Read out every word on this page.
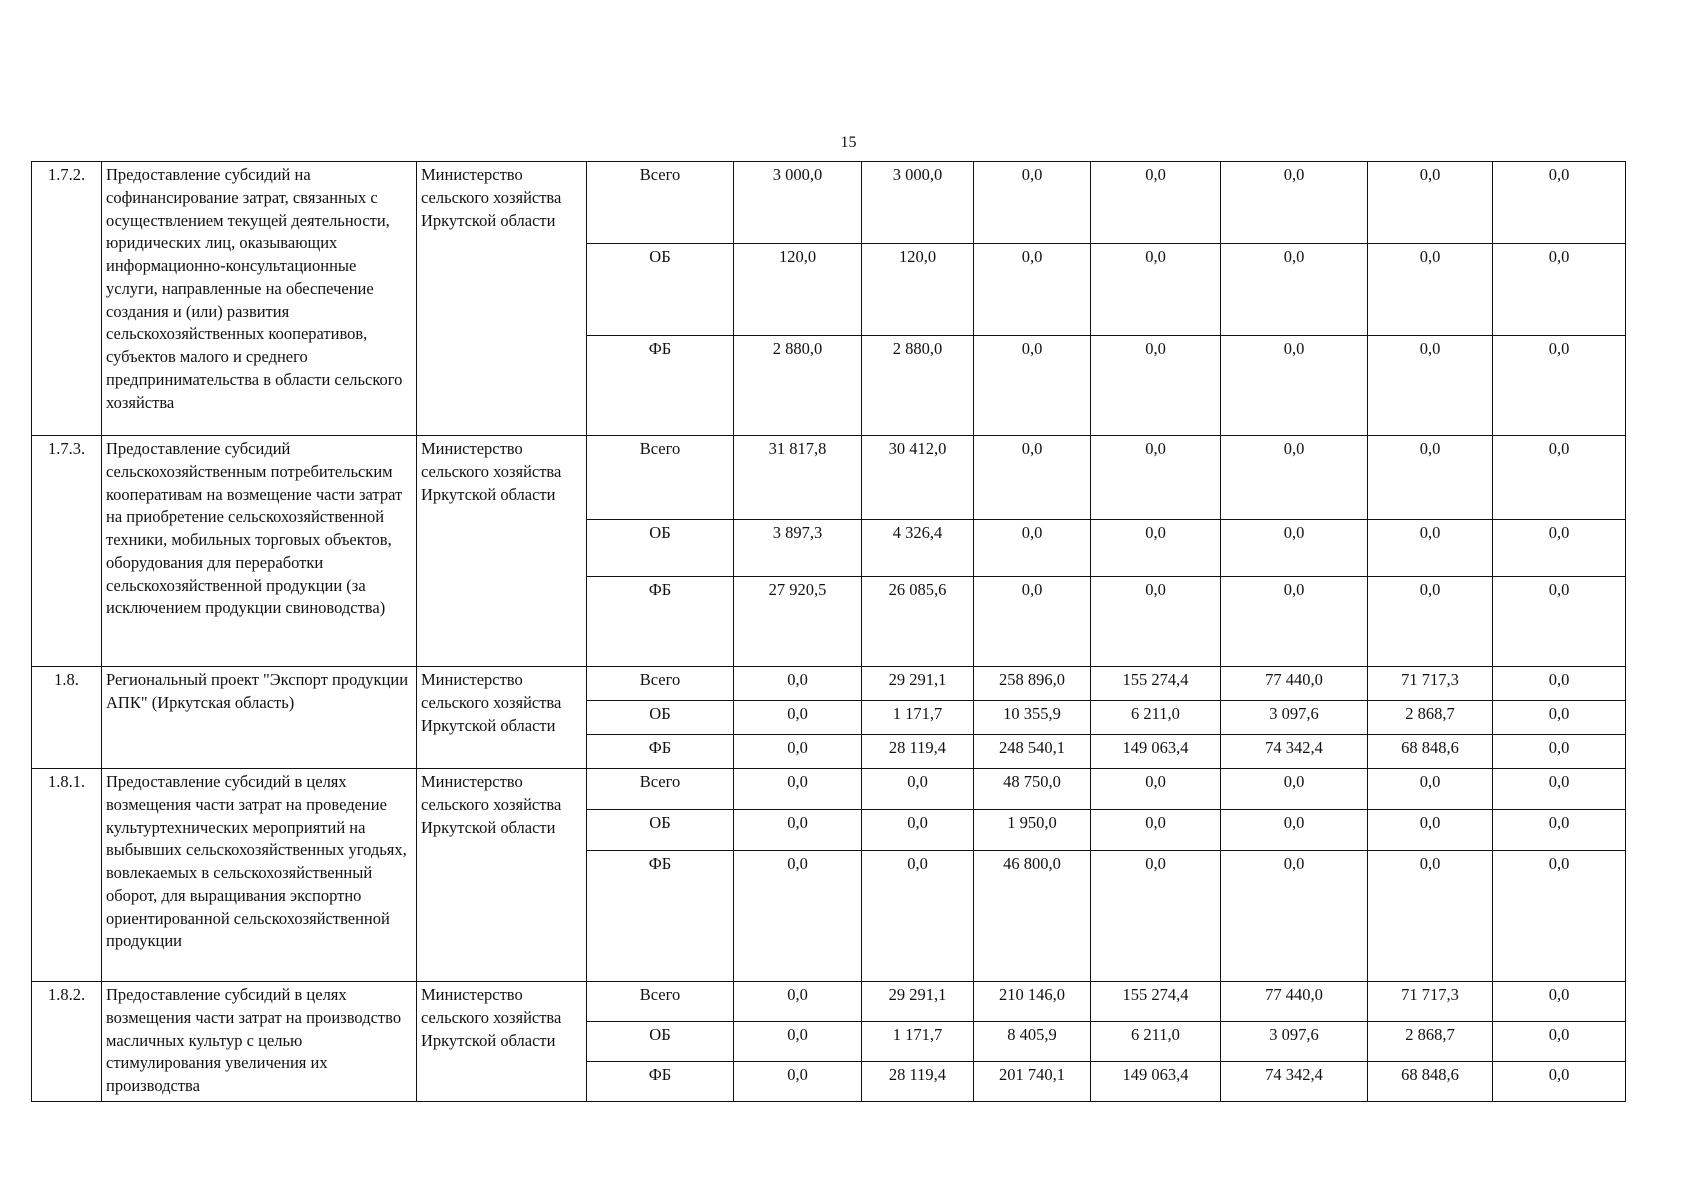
15
1.7.2.	Предоставление субсидий на софинансирование затрат, связанных с осуществлением текущей деятельности, юридических лиц, оказывающих информационно-консультационные услуги, направленные на обеспечение создания и (или) развития сельскохозяйственных кооперативов, субъектов малого и среднего предпринимательства в области сельского хозяйства	Министерство сельского хозяйства Иркутской области	Всего	3 000,0	3 000,0	0,0	0,0	0,0	0,0	0,0
			ОБ	120,0	120,0	0,0	0,0	0,0	0,0	0,0
			ФБ	2 880,0	2 880,0	0,0	0,0	0,0	0,0	0,0
1.7.3.	Предоставление субсидий сельскохозяйственным потребительским кооперативам на возмещение части затрат на приобретение сельскохозяйственной техники, мобильных торговых объектов, оборудования для переработки сельскохозяйственной продукции (за исключением продукции свиноводства)	Министерство сельского хозяйства Иркутской области	Всего	31 817,8	30 412,0	0,0	0,0	0,0	0,0	0,0
			ОБ	3 897,3	4 326,4	0,0	0,0	0,0	0,0	0,0
			ФБ	27 920,5	26 085,6	0,0	0,0	0,0	0,0	0,0
1.8.	Региональный проект "Экспорт продукции АПК" (Иркутская область)	Министерство сельского хозяйства Иркутской области	Всего	0,0	29 291,1	258 896,0	155 274,4	77 440,0	71 717,3	0,0
			ОБ	0,0	1 171,7	10 355,9	6 211,0	3 097,6	2 868,7	0,0
			ФБ	0,0	28 119,4	248 540,1	149 063,4	74 342,4	68 848,6	0,0
1.8.1.	Предоставление субсидий в целях возмещения части затрат на проведение культуртехнических мероприятий на выбывших сельскохозяйственных угодьях, вовлекаемых в сельскохозяйственный оборот, для выращивания экспортно ориентированной сельскохозяйственной продукции	Министерство сельского хозяйства Иркутской области	Всего	0,0	0,0	48 750,0	0,0	0,0	0,0	0,0
			ОБ	0,0	0,0	1 950,0	0,0	0,0	0,0	0,0
			ФБ	0,0	0,0	46 800,0	0,0	0,0	0,0	0,0
1.8.2.	Предоставление субсидий в целях возмещения части затрат на производство масличных культур с целью стимулирования увеличения их производства	Министерство сельского хозяйства Иркутской области	Всего	0,0	29 291,1	210 146,0	155 274,4	77 440,0	71 717,3	0,0
			ОБ	0,0	1 171,7	8 405,9	6 211,0	3 097,6	2 868,7	0,0
			ФБ	0,0	28 119,4	201 740,1	149 063,4	74 342,4	68 848,6	0,0
